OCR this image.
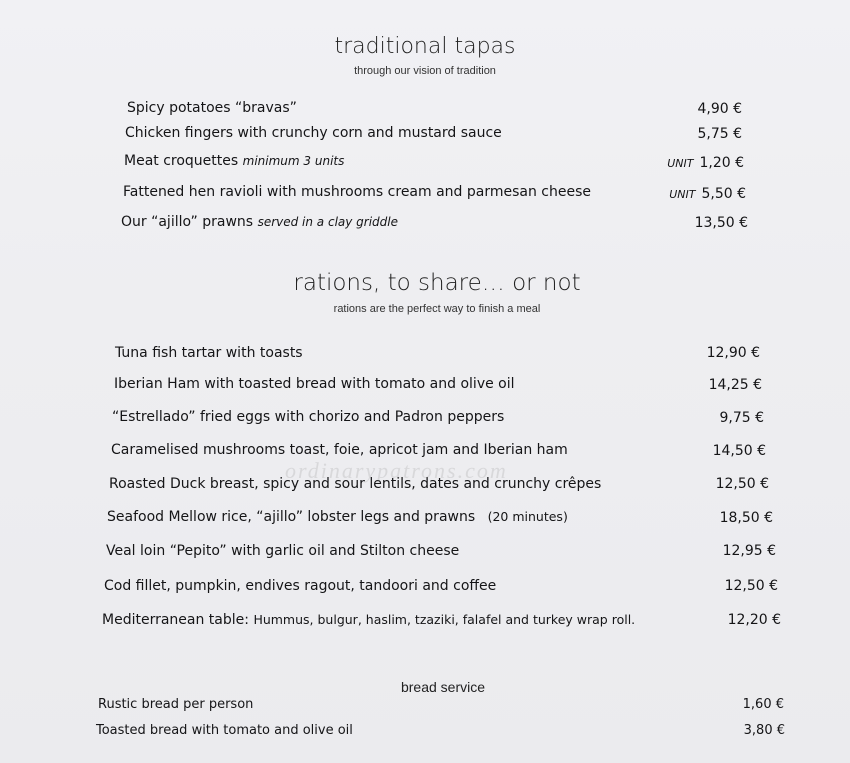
traditional tapas
through our vision of tradition
Spicy potatoes “bravas”	4,90 €
Chicken fingers with crunchy corn and mustard sauce	5,75 €
Meat croquettes minimum 3 units	UNIT 1,20 €
Fattened hen ravioli with mushrooms cream and parmesan cheese	UNIT 5,50 €
Our “ajillo” prawns served in a clay griddle	13,50 €
rations, to share… or not
rations are the perfect way to finish a meal
Tuna fish tartar with toasts	12,90 €
Iberian Ham with toasted bread with tomato and olive oil	14,25 €
“Estrellado” fried eggs with chorizo and Padron peppers	9,75 €
Caramelised mushrooms toast, foie, apricot jam and Iberian ham	14,50 €
Roasted Duck breast, spicy and sour lentils, dates and crunchy crêpes	12,50 €
Seafood Mellow rice, “ajillo” lobster legs and prawns (20 minutes)	18,50 €
Veal loin “Pepito” with garlic oil and Stilton cheese	12,95 €
Cod fillet, pumpkin, endives ragout, tandoori and coffee	12,50 €
Mediterranean table: Hummus, bulgur, haslim, tzaziki, falafel and turkey wrap roll.	12,20 €
ordinarypatrons.com
bread service
Rustic bread per person	1,60 €
Toasted bread with tomato and olive oil	3,80 €
